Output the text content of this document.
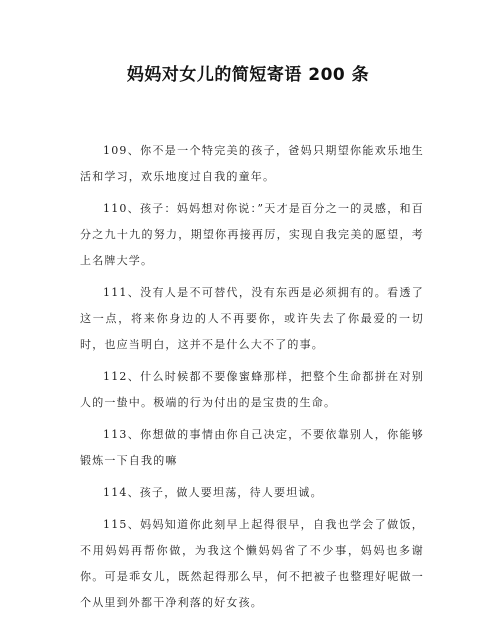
妈妈对女儿的简短寄语 200 条

109、你不是一个特完美的孩子，爸妈只期望你能欢乐地生活和学习，欢乐地度过自我的童年。

110、孩子：妈妈想对你说：”天才是百分之一的灵感，和百分之九十九的努力，期望你再接再厉，实现自我完美的愿望，考上名牌大学。

111、没有人是不可替代，没有东西是必须拥有的。看透了这一点，将来你身边的人不再要你，或许失去了你最爱的一切时，也应当明白，这并不是什么大不了的事。

112、什么时候都不要像蜜蜂那样，把整个生命都拼在对别人的一蛰中。极端的行为付出的是宝贵的生命。

113、你想做的事情由你自己决定，不要依靠别人，你能够锻炼一下自我的嘛

114、孩子，做人要坦荡，待人要坦诚。

115、妈妈知道你此刻早上起得很早，自我也学会了做饭，不用妈妈再帮你做，为我这个懒妈妈省了不少事，妈妈也多谢你。可是乖女儿，既然起得那么早，何不把被子也整理好呢做一个从里到外都干净利落的好女孩。
